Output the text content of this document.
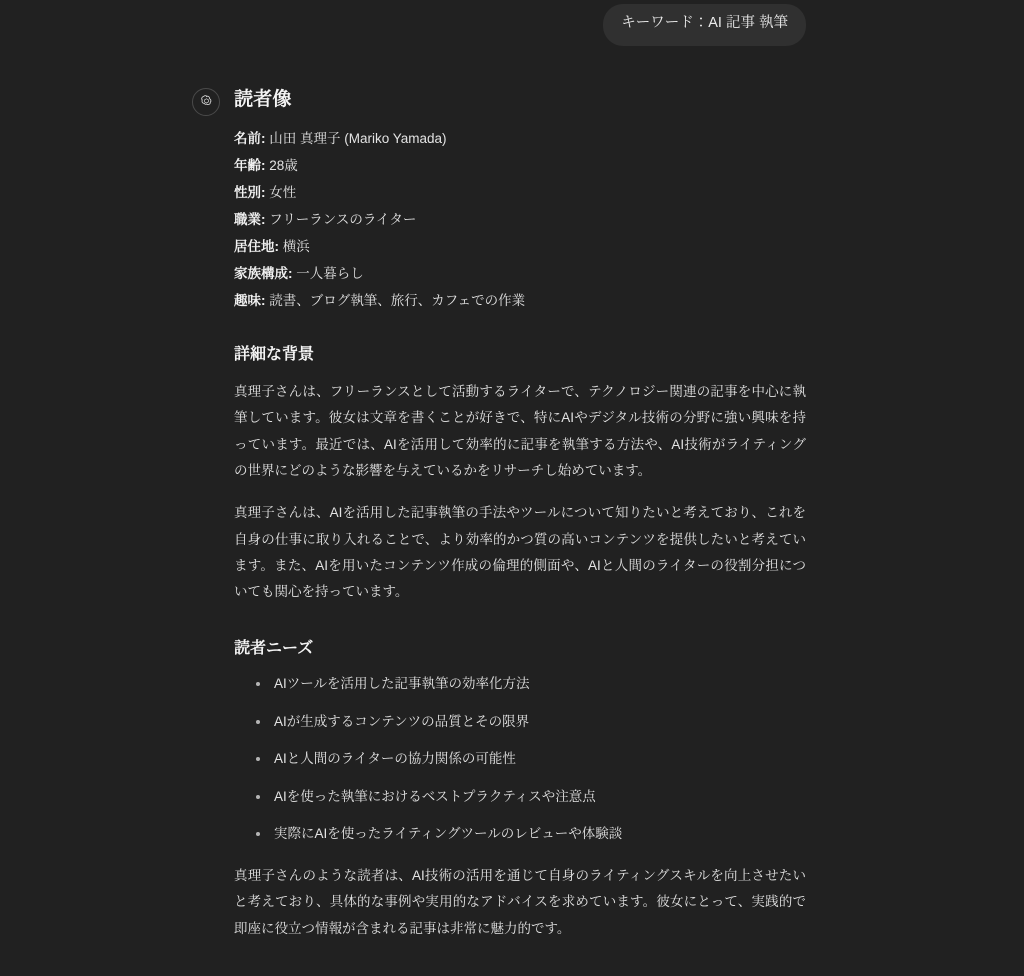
キーワード：AI 記事 執筆
読者像
名前: 山田 真理子 (Mariko Yamada)
年齢: 28歳
性別: 女性
職業: フリーランスのライター
居住地: 横浜
家族構成: 一人暮らし
趣味: 読書、ブログ執筆、旅行、カフェでの作業
詳細な背景

真理子さんは、フリーランスとして活動するライターで、テクノロジー関連の記事を中心に執筆しています。彼女は文章を書くことが好きで、特にAIやデジタル技術の分野に強い興味を持っています。最近では、AIを活用して効率的に記事を執筆する方法や、AI技術がライティングの世界にどのような影響を与えているかをリサーチし始めています。

真理子さんは、AIを活用した記事執筆の手法やツールについて知りたいと考えており、これを自身の仕事に取り入れることで、より効率的かつ質の高いコンテンツを提供したいと考えています。また、AIを用いたコンテンツ作成の倫理的側面や、AIと人間のライターの役割分担についても関心を持っています。

読者ニーズ
AIツールを活用した記事執筆の効率化方法
AIが生成するコンテンツの品質とその限界
AIと人間のライターの協力関係の可能性
AIを使った執筆におけるベストプラクティスや注意点
実際にAIを使ったライティングツールのレビューや体験談

真理子さんのような読者は、AI技術の活用を通じて自身のライティングスキルを向上させたいと考えており、具体的な事例や実用的なアドバイスを求めています。彼女にとって、実践的で即座に役立つ情報が含まれる記事は非常に魅力的です。
